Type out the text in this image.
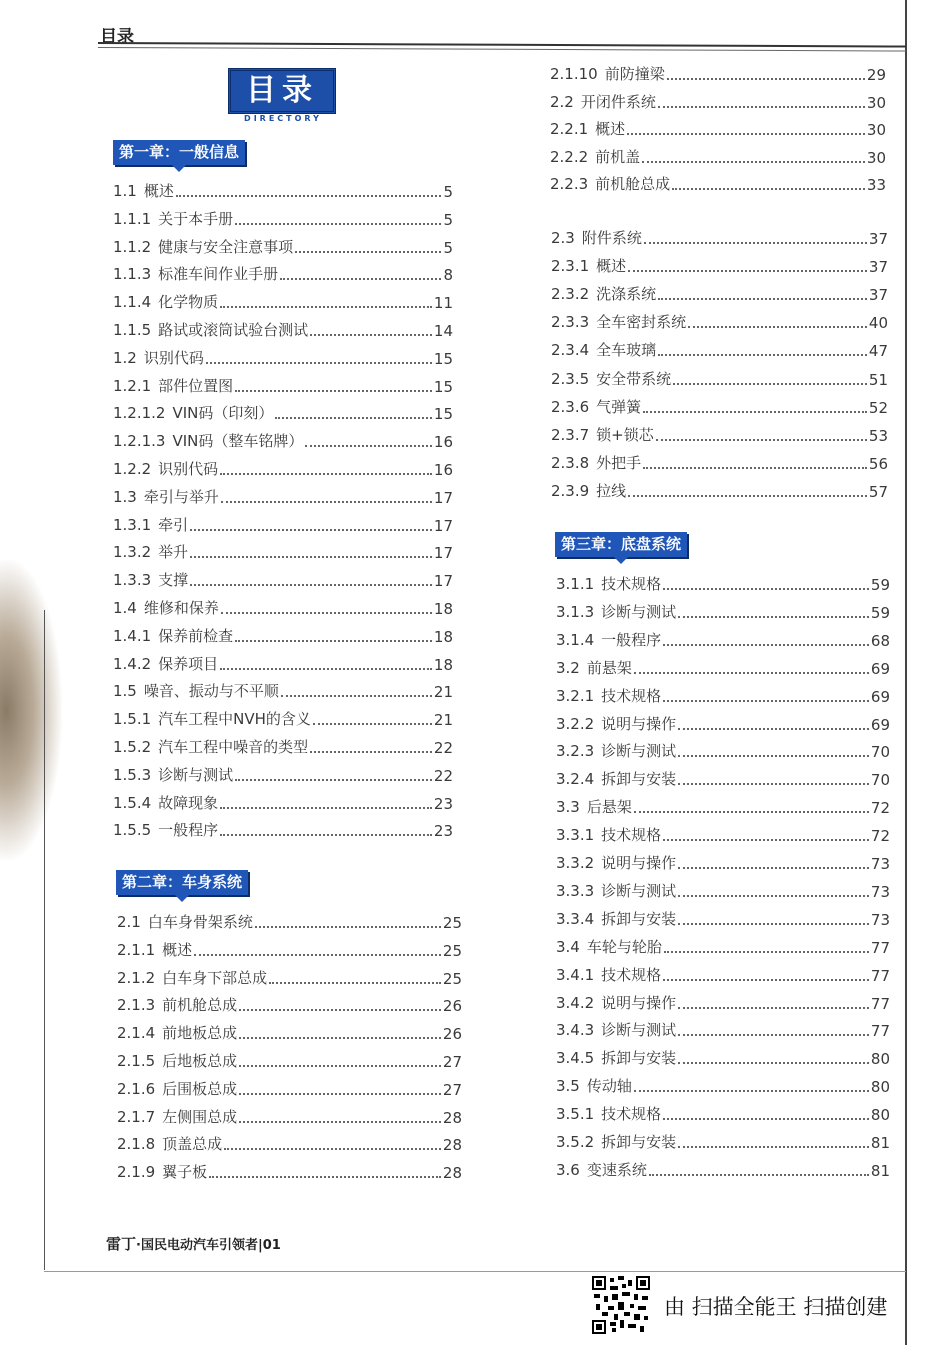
目录
目录
DIRECTORY
第一章：一般信息
第二章：车身系统
第三章：底盘系统
1.1 概述	5
1.1.1 关于本手册	5
1.1.2 健康与安全注意事项	5
1.1.3 标准车间作业手册	8
1.1.4 化学物质	11
1.1.5 路试或滚筒试验台测试	14
1.2 识别代码	15
1.2.1 部件位置图	15
1.2.1.2 VIN码（印刻）	15
1.2.1.3 VIN码（整车铭牌）	16
1.2.2 识别代码	16
1.3 牵引与举升	17
1.3.1 牵引	17
1.3.2 举升	17
1.3.3 支撑	17
1.4 维修和保养	18
1.4.1 保养前检查	18
1.4.2 保养项目	18
1.5 噪音、振动与不平顺	21
1.5.1 汽车工程中NVH的含义	21
1.5.2 汽车工程中噪音的类型	22
1.5.3 诊断与测试	22
1.5.4 故障现象	23
1.5.5 一般程序	23
2.1 白车身骨架系统	25
2.1.1 概述	25
2.1.2 白车身下部总成	25
2.1.3 前机舱总成	26
2.1.4 前地板总成	26
2.1.5 后地板总成	27
2.1.6 后围板总成	27
2.1.7 左侧围总成	28
2.1.8 顶盖总成	28
2.1.9 翼子板	28
2.1.10 前防撞梁	29
2.2 开闭件系统	30
2.2.1 概述	30
2.2.2 前机盖	30
2.2.3 前机舱总成	33
2.3 附件系统	37
2.3.1 概述	37
2.3.2 洗涤系统	37
2.3.3 全车密封系统	40
2.3.4 全车玻璃	47
2.3.5 安全带系统	51
2.3.6 气弹簧	52
2.3.7 锁+锁芯	53
2.3.8 外把手	56
2.3.9 拉线	57
3.1.1 技术规格	59
3.1.3 诊断与测试	59
3.1.4 一般程序	68
3.2 前悬架	69
3.2.1 技术规格	69
3.2.2 说明与操作	69
3.2.3 诊断与测试	70
3.2.4 拆卸与安装	70
3.3 后悬架	72
3.3.1 技术规格	72
3.3.2 说明与操作	73
3.3.3 诊断与测试	73
3.3.4 拆卸与安装	73
3.4 车轮与轮胎	77
3.4.1 技术规格	77
3.4.2 说明与操作	77
3.4.3 诊断与测试	77
3.4.5 拆卸与安装	80
3.5 传动轴	80
3.5.1 技术规格	80
3.5.2 拆卸与安装	81
3.6 变速系统	81
雷丁·国民电动汽车引领者|01
由 扫描全能王 扫描创建
